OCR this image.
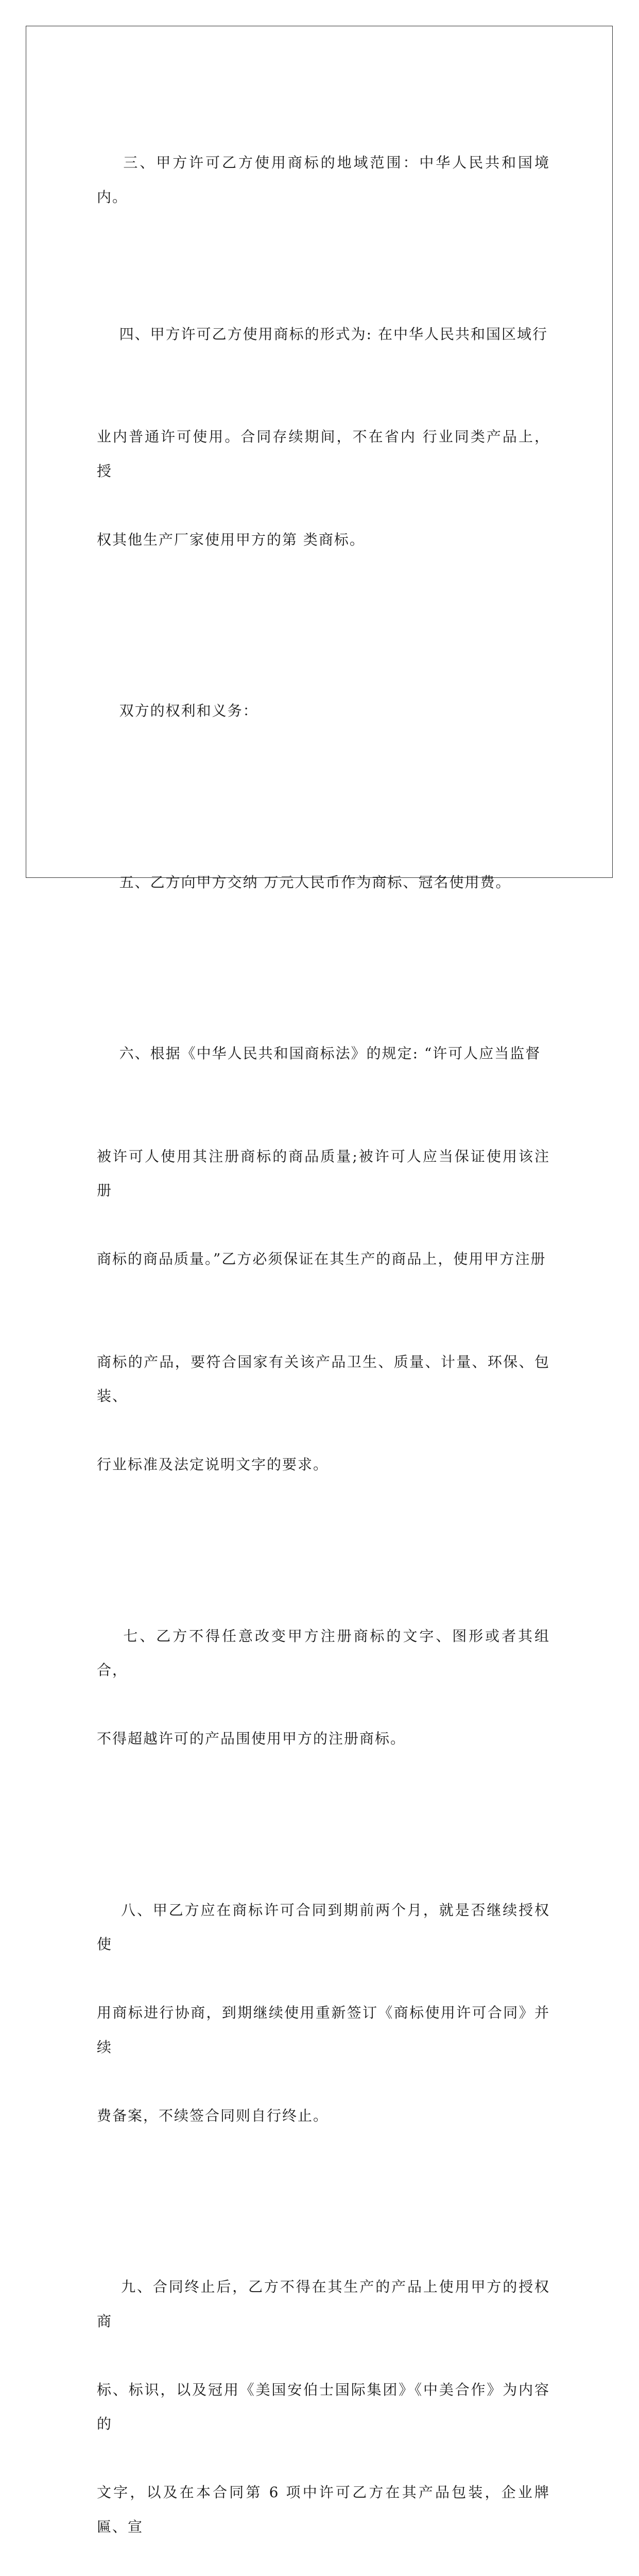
三、甲方许可乙方使用商标的地域范围：中华人民共和国境内。

四、甲方许可乙方使用商标的形式为: 在中华人民共和国区域行

业内普通许可使用。合同存续期间，不在省内 行业同类产品上，授

权其他生产厂家使用甲方的第 类商标。

双方的权利和义务：

五、乙方向甲方交纳 万元人民币作为商标、冠名使用费。

六、根据《中华人民共和国商标法》的规定: “许可人应当监督

被许可人使用其注册商标的商品质量;被许可人应当保证使用该注册

商标的商品质量。”乙方必须保证在其生产的商品上，使用甲方注册

商标的产品，要符合国家有关该产品卫生、质量、计量、环保、包装、

行业标准及法定说明文字的要求。

七、乙方不得任意改变甲方注册商标的文字、图形或者其组合，

不得超越许可的产品围使用甲方的注册商标。

八、甲乙方应在商标许可合同到期前两个月，就是否继续授权使

用商标进行协商，到期继续使用重新签订《商标使用许可合同》并续

费备案，不续签合同则自行终止。

九、合同终止后，乙方不得在其生产的产品上使用甲方的授权商

标、标识，以及冠用《美国安伯士国际集团》《中美合作》为内容的

文字，以及在本合同第 6 项中许可乙方在其产品包装，企业牌匾、宣
